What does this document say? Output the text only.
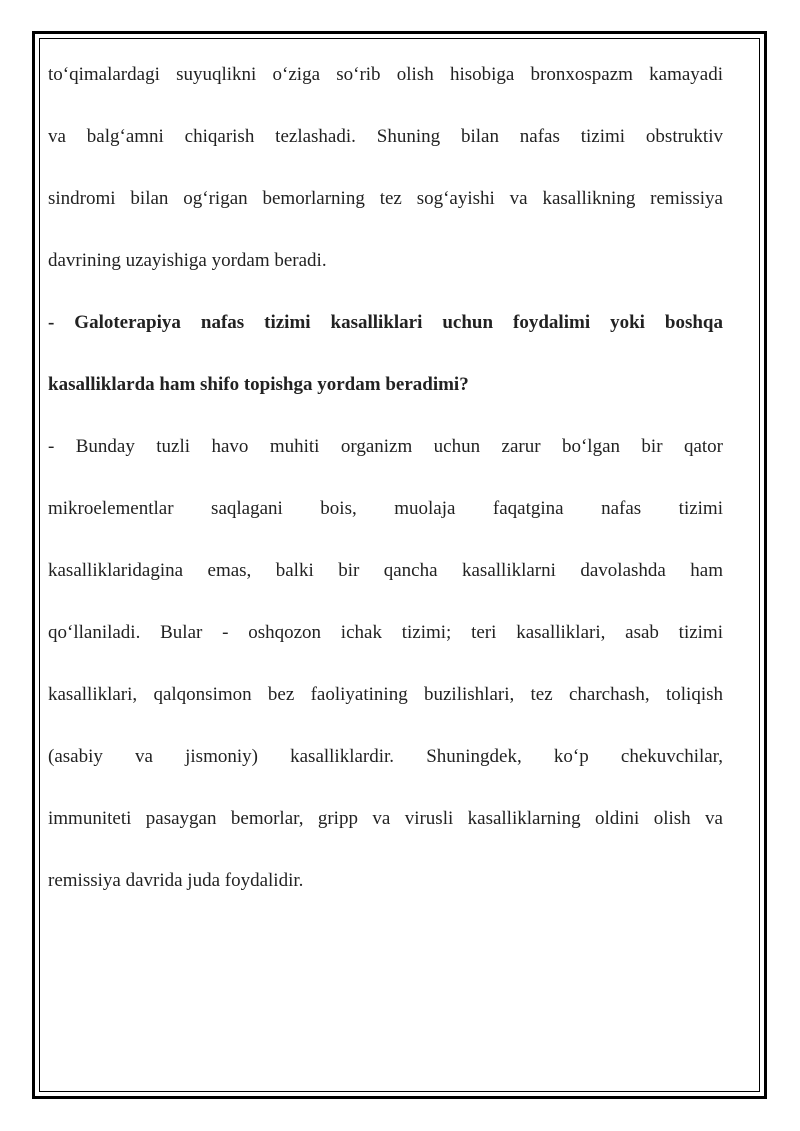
to‘qimalardagi suyuqlikni o‘ziga so‘rib olish hisobiga bronxospazm kamayadi
va balg‘amni chiqarish tezlashadi. Shuning bilan nafas tizimi obstruktiv
sindromi bilan og‘rigan bemorlarning tez sog‘ayishi va kasallikning remissiya
davrining uzayishiga yordam beradi.
- Galoterapiya nafas tizimi kasalliklari uchun foydalimi yoki boshqa
kasalliklarda ham shifo topishga yordam beradimi?
- Bunday tuzli havo muhiti organizm uchun zarur bo‘lgan bir qator
mikroelementlar saqlagani bois, muolaja faqatgina nafas tizimi
kasalliklaridagina emas, balki bir qancha kasalliklarni davolashda ham
qo‘llaniladi. Bular - oshqozon ichak tizimi; teri kasalliklari, asab tizimi
kasalliklari, qalqonsimon bez faoliyatining buzilishlari, tez charchash, toliqish
(asabiy va jismoniy) kasalliklardir. Shuningdek, ko‘p chekuvchilar,
immuniteti pasaygan bemorlar, gripp va virusli kasalliklarning oldini olish va
remissiya davrida juda foydalidir.
